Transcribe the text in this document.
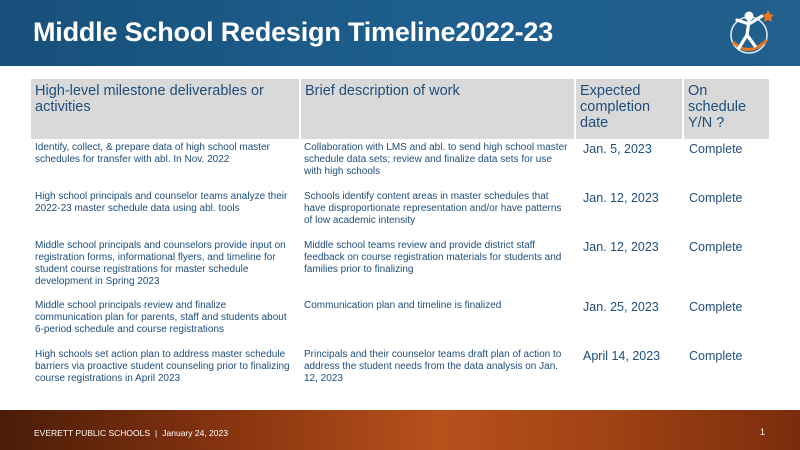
Middle School Redesign Timeline2022-23
High-level milestone deliverables or activities	Brief description of work	Expected completion date	On schedule Y/N ?
Identify, collect, & prepare data of high school master schedules for transfer with abl. In Nov. 2022	Collaboration with LMS and abl. to send high school master schedule data sets; review and finalize data sets for use with high schools	Jan. 5, 2023	Complete
High school principals and counselor teams analyze their 2022-23 master schedule data using abl. tools	Schools identify content areas in master schedules that have disproportionate representation and/or have patterns of low academic intensity	Jan. 12, 2023	Complete
Middle school principals and counselors provide input on registration forms, informational flyers, and timeline for student course registrations for master schedule development in Spring 2023	Middle school teams review and provide district staff feedback on course registration materials for students and families prior to finalizing	Jan. 12, 2023	Complete
Middle school principals review and finalize communication plan for parents, staff and students about 6-period schedule and course registrations	Communication plan and timeline is finalized	Jan. 25, 2023	Complete
High schools set action plan to address master schedule barriers via proactive student counseling prior to finalizing course registrations in April 2023	Principals and their counselor teams draft plan of action to address the student needs from the data analysis on Jan. 12, 2023	April 14, 2023	Complete
EVERETT PUBLIC SCHOOLS | January 24, 2023	1
